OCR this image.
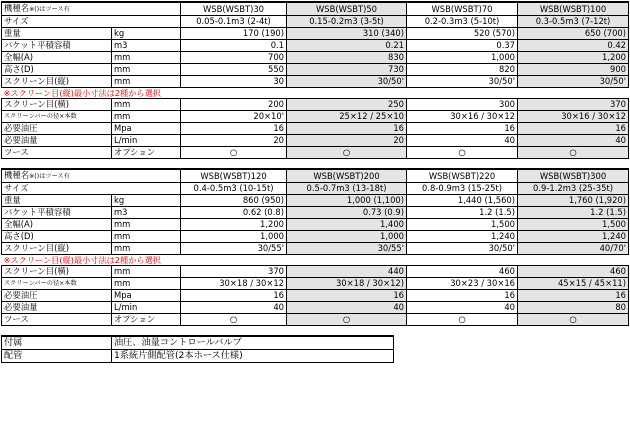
機種名※()はツース有		WSB(WSBT)30	WSB(WSBT)50	WSB(WSBT)70	WSB(WSBT)100
サイズ		0.05-0.1m3 (2-4t)	0.15-0.2m3 (3-5t)	0.2-0.3m3 (5-10t)	0.3-0.5m3 (7-12t)
重量	kg	170 (190)	310 (340)	520 (570)	650 (700)
バケット平積容積	m3	0.1	0.21	0.37	0.42
全幅(A)	mm	700	830	1,000	1,200
高さ(D)	mm	550	730	820	900
スクリーン目(縦)	mm	30	30/50'	30/50'	30/50'
※スクリーン目(縦)最小寸法は2種から選択					
スクリーン目(横)	mm	200	250	300	370
スクリーンバーの径×本数	mm	20×10'	25×12 / 25×10	30×16 / 30×12	30×16 / 30×12
必要油圧	Mpa	16	16	16	16
必要油量	L/min	20	20	40	40
ツース	オプション	○	○	○	○

機種名※()はツース有		WSB(WSBT)120	WSB(WSBT)200	WSB(WSBT)220	WSB(WSBT)300
サイズ		0.4-0.5m3 (10-15t)	0.5-0.7m3 (13-18t)	0.8-0.9m3 (15-25t)	0.9-1.2m3 (25-35t)
重量	kg	860 (950)	1,000 (1,100)	1,440 (1,560)	1,760 (1,920)
バケット平積容積	m3	0.62 (0.8)	0.73 (0.9)	1.2 (1.5)	1.2 (1.5)
全幅(A)	mm	1,200	1,400	1,500	1,500
高さ(D)	mm	1,000	1,000	1,240	1,240
スクリーン目(縦)	mm	30/55'	30/55'	30/50'	40/70'
※スクリーン目(縦)最小寸法は2種から選択					
スクリーン目(横)	mm	370	440	460	460
スクリーンバーの径×本数	mm	30×18 / 30×12	30×18 / 30×12)	30×23 / 30×16	45×15 / 45×11)
必要油圧	Mpa	16	16	16	16
必要油量	L/min	40	40	40	80
ツース	オプション	○	○	○	○

付属	油圧、油量コントロールバルブ
配管	1系統片側配管(2本ホース仕様)
